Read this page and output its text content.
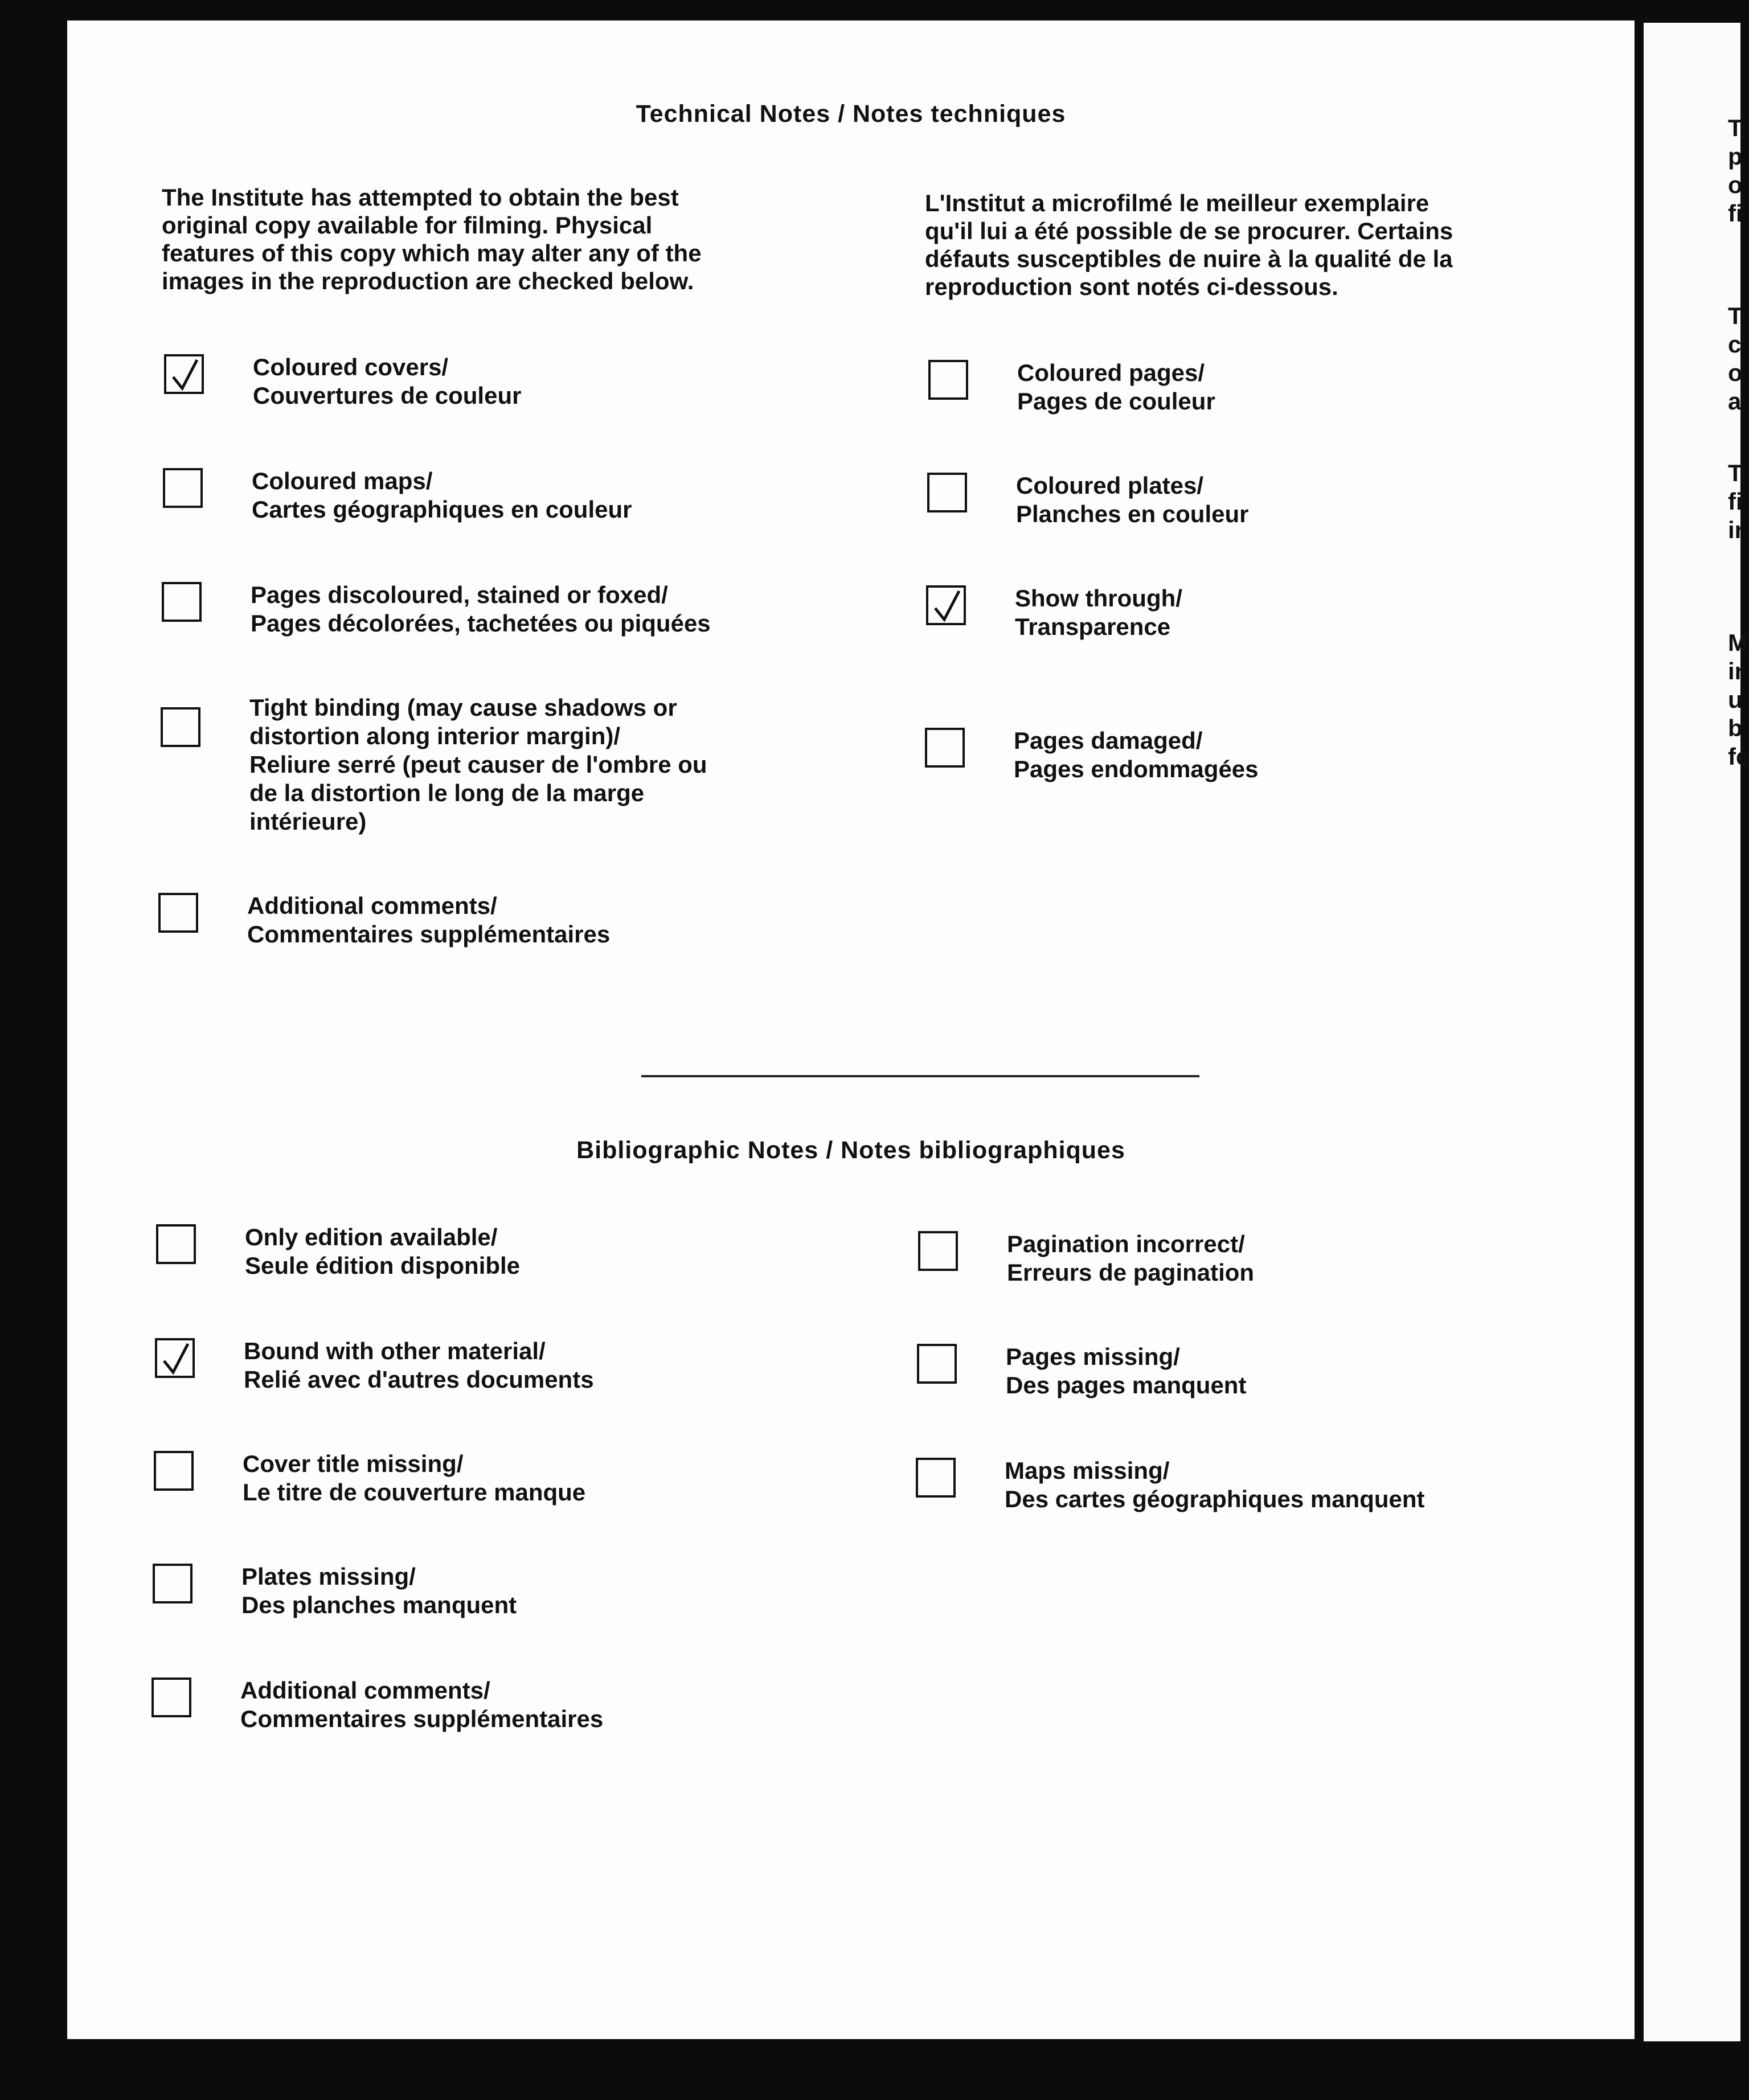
Technical Notes / Notes techniques

The Institute has attempted to obtain the best
original copy available for filming. Physical
features of this copy which may alter any of the
images in the reproduction are checked below.

L'Institut a microfilmé le meilleur exemplaire
qu'il lui a été possible de se procurer. Certains
défauts susceptibles de nuire à la qualité de la
reproduction sont notés ci-dessous.

Coloured covers/
Couvertures de couleur

Coloured maps/
Cartes géographiques en couleur

Pages discoloured, stained or foxed/
Pages décolorées, tachetées ou piquées

Tight binding (may cause shadows or
distortion along interior margin)/
Reliure serré (peut causer de l'ombre ou
de la distortion le long de la marge
intérieure)

Additional comments/
Commentaires supplémentaires

Coloured pages/
Pages de couleur

Coloured plates/
Planches en couleur

Show through/
Transparence

Pages damaged/
Pages endommagées

Bibliographic Notes / Notes bibliographiques

Only edition available/
Seule édition disponible

Bound with other material/
Relié avec d'autres documents

Cover title missing/
Le titre de couverture manque

Plates missing/
Des planches manquent

Additional comments/
Commentaires supplémentaires

Pagination incorrect/
Erreurs de pagination

Pages missing/
Des pages manquent

Maps missing/
Des cartes géographiques manquent

T
p
o
fi

T
c
o
a

T
fi
ir

M
ir
u
b
fc
